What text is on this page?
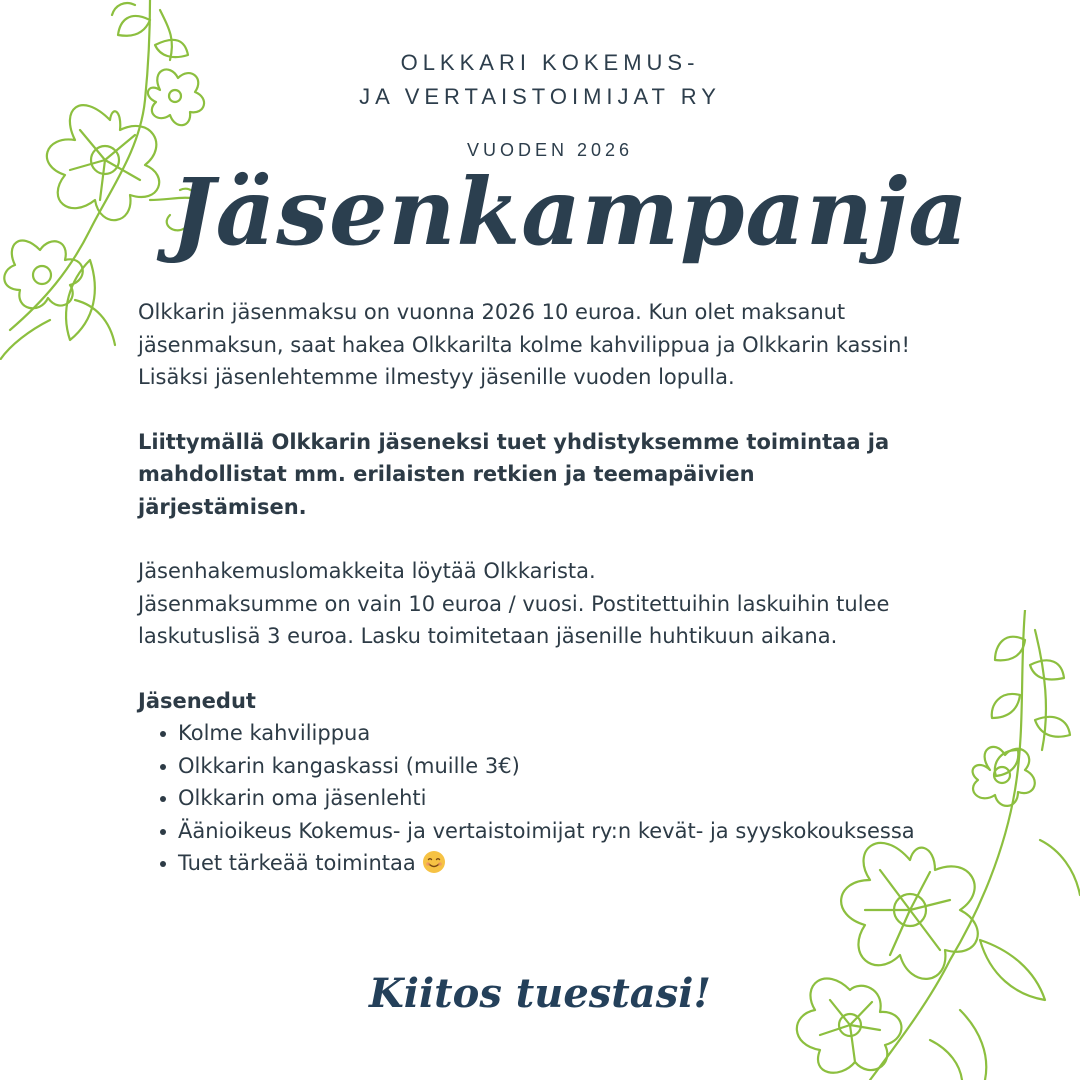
OLKKARI KOKEMUS-
JA VERTAISTOIMIJAT RY
VUODEN 2026
Jäsenkampanja

Olkkarin jäsenmaksu on vuonna 2026 10 euroa. Kun olet maksanut jäsenmaksun, saat hakea Olkkarilta kolme kahvilippua ja Olkkarin kassin! Lisäksi jäsenlehtemme ilmestyy jäsenille vuoden lopulla.

Liittymällä Olkkarin jäseneksi tuet yhdistyksemme toimintaa ja mahdollistat mm. erilaisten retkien ja teemapäivien järjestämisen.

Jäsenhakemuslomakkeita löytää Olkkarista.

Jäsenmaksumme on vain 10 euroa / vuosi. Postitettuihin laskuihin tulee laskutuslisä 3 euroa. Lasku toimitetaan jäsenille huhtikuun aikana.

Jäsenedut

Kolme kahvilippua
Olkkarin kangaskassi (muille 3€)
Olkkarin oma jäsenlehti
Äänioikeus Kokemus- ja vertaistoimijat ry:n kevät- ja syyskokouksessa
Tuet tärkeää toimintaa
Kiitos tuestasi!
